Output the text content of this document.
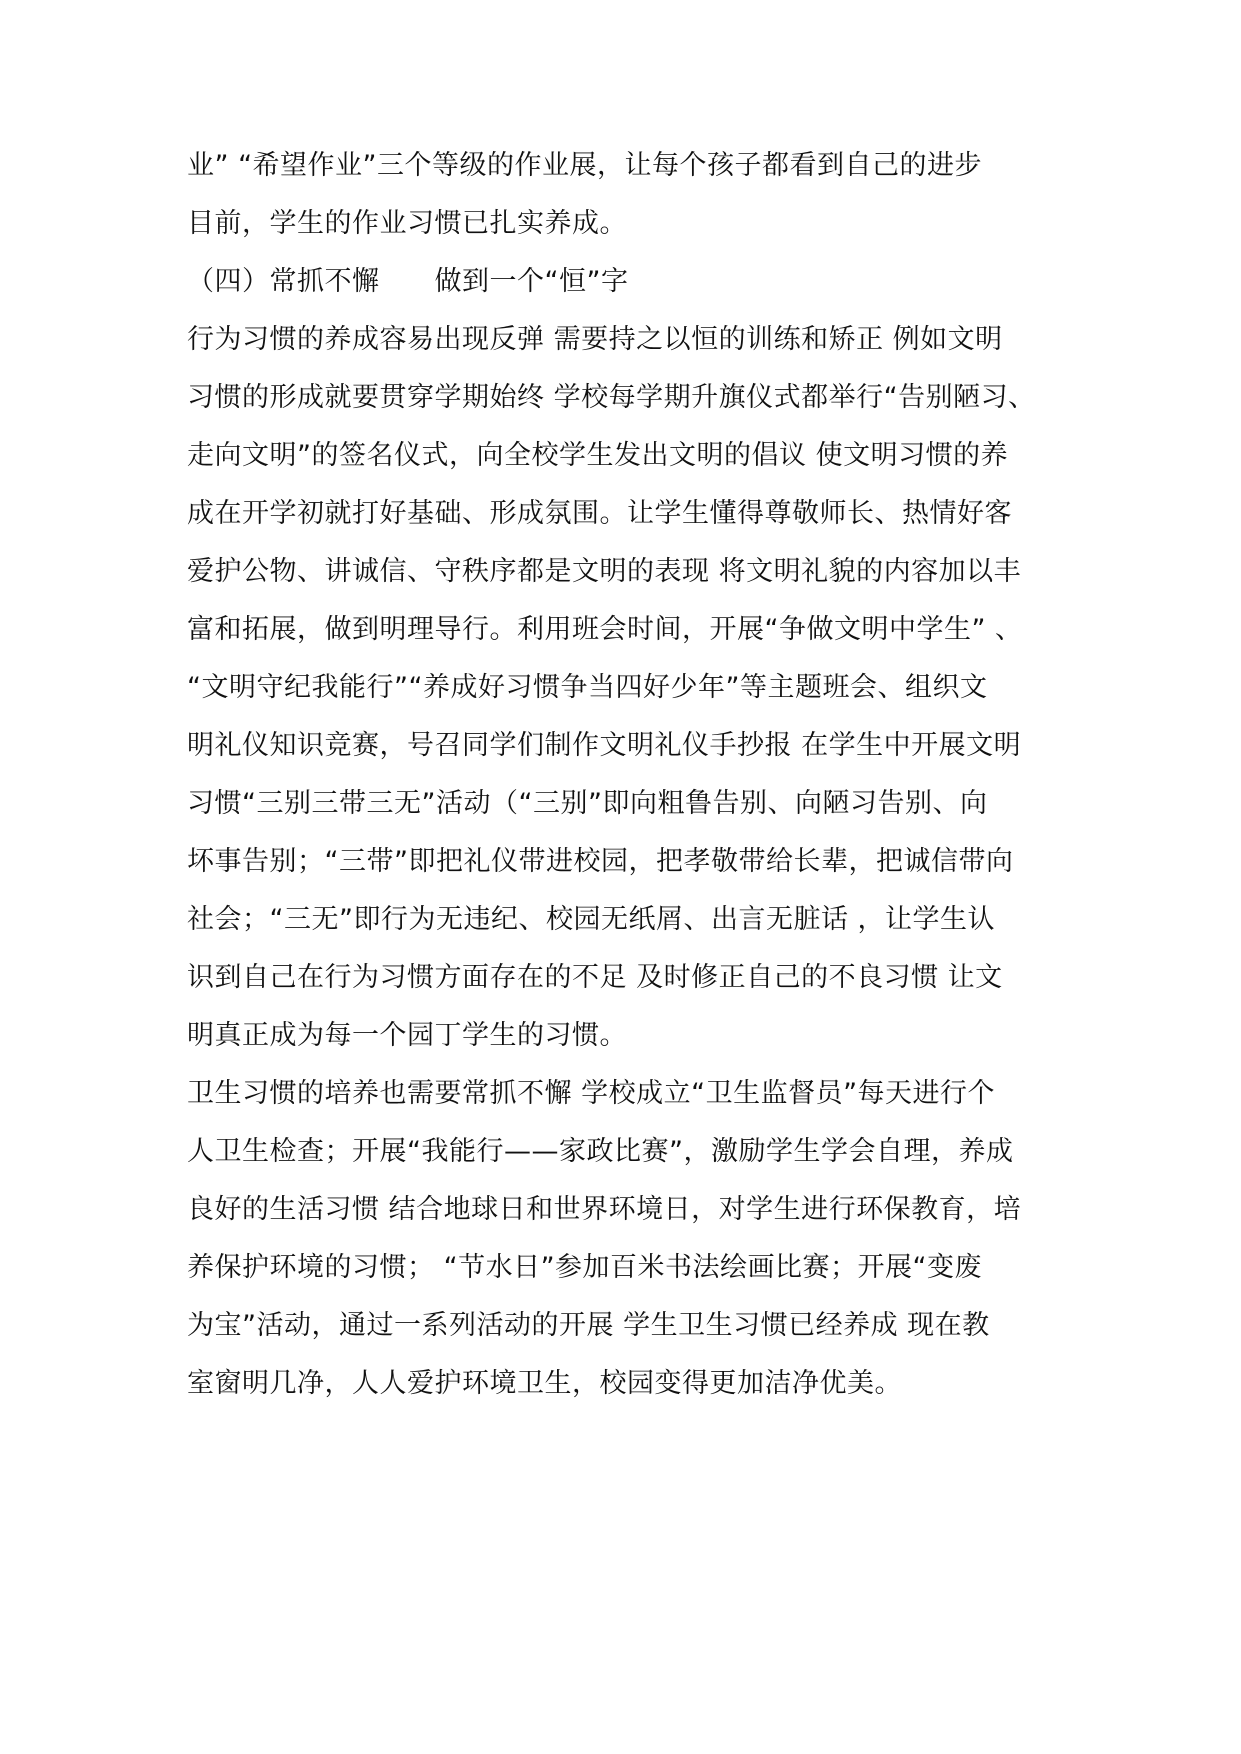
业” “希望作业”三个等级的作业展，让每个孩子都看到自己的进步
目前，学生的作业习惯已扎实养成。
（四）常抓不懈　　做到一个“恒”字
行为习惯的养成容易出现反弹 需要持之以恒的训练和矫正 例如文明
习惯的形成就要贯穿学期始终 学校每学期升旗仪式都举行“告别陋习、
走向文明”的签名仪式，向全校学生发出文明的倡议 使文明习惯的养
成在开学初就打好基础、形成氛围。让学生懂得尊敬师长、热情好客
爱护公物、讲诚信、守秩序都是文明的表现 将文明礼貌的内容加以丰
富和拓展，做到明理导行。利用班会时间，开展“争做文明中学生” 、
“文明守纪我能行”“养成好习惯争当四好少年”等主题班会、组织文
明礼仪知识竞赛，号召同学们制作文明礼仪手抄报 在学生中开展文明
习惯“三别三带三无”活动（“三别”即向粗鲁告别、向陋习告别、向
坏事告别；“三带”即把礼仪带进校园，把孝敬带给长辈，把诚信带向
社会；“三无”即行为无违纪、校园无纸屑、出言无脏话 ，让学生认
识到自己在行为习惯方面存在的不足 及时修正自己的不良习惯 让文
明真正成为每一个园丁学生的习惯。
卫生习惯的培养也需要常抓不懈 学校成立“卫生监督员”每天进行个
人卫生检查；开展“我能行——家政比赛”，激励学生学会自理，养成
良好的生活习惯 结合地球日和世界环境日，对学生进行环保教育，培
养保护环境的习惯； “节水日”参加百米书法绘画比赛；开展“变废
为宝”活动，通过一系列活动的开展 学生卫生习惯已经养成 现在教
室窗明几净，人人爱护环境卫生，校园变得更加洁净优美。
